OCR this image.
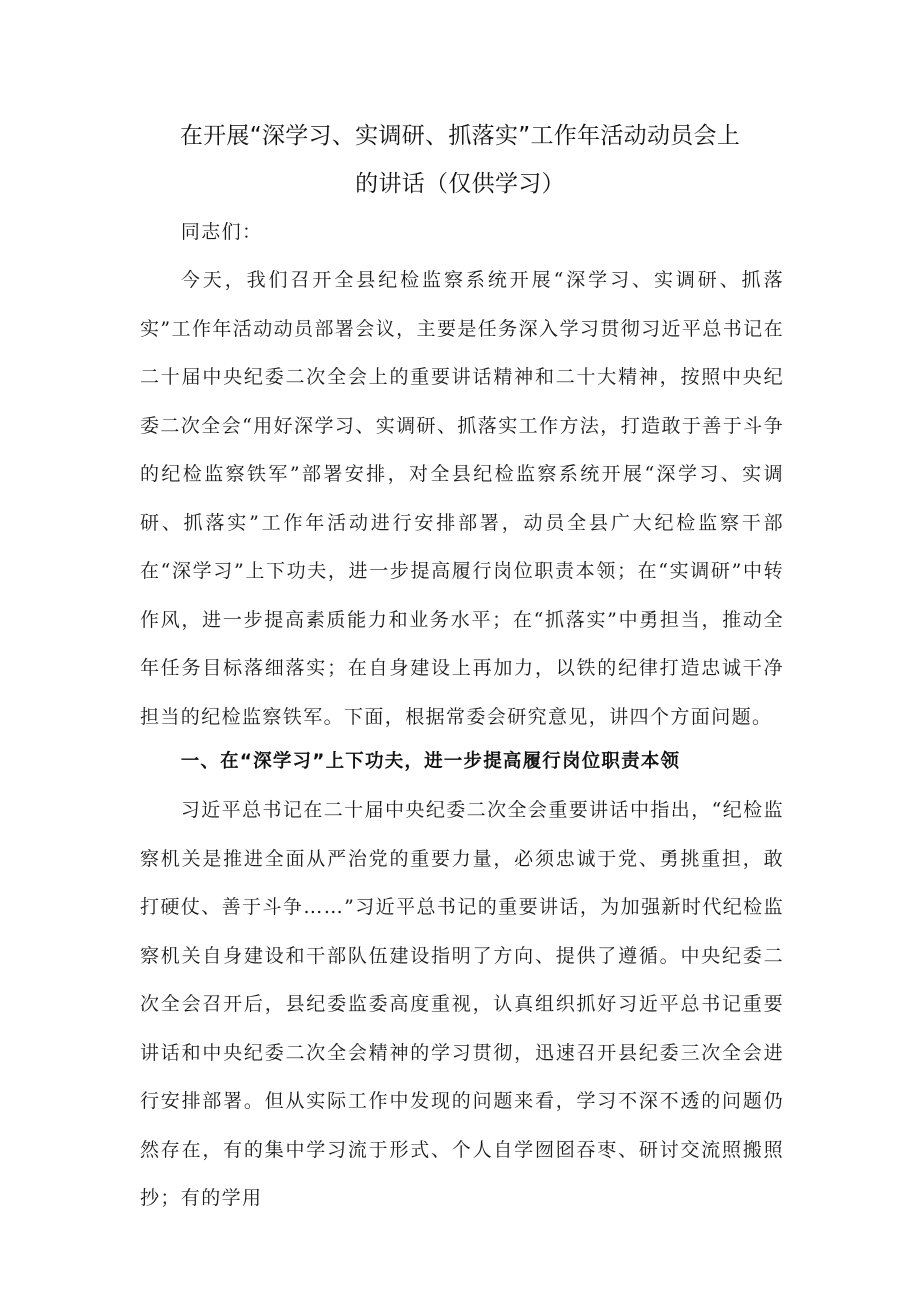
在开展“深学习、实调研、抓落实”工作年活动动员会上
的讲话（仅供学习）

同志们：

今天，我们召开全县纪检监察系统开展“深学习、实调研、抓落实”工作年活动动员部署会议，主要是任务深入学习贯彻习近平总书记在二十届中央纪委二次全会上的重要讲话精神和二十大精神，按照中央纪委二次全会“用好深学习、实调研、抓落实工作方法，打造敢于善于斗争的纪检监察铁军”部署安排，对全县纪检监察系统开展“深学习、实调研、抓落实”工作年活动进行安排部署，动员全县广大纪检监察干部在“深学习”上下功夫，进一步提高履行岗位职责本领；在“实调研”中转作风，进一步提高素质能力和业务水平；在“抓落实”中勇担当，推动全年任务目标落细落实；在自身建设上再加力，以铁的纪律打造忠诚干净担当的纪检监察铁军。下面，根据常委会研究意见，讲四个方面问题。

一、在“深学习”上下功夫，进一步提高履行岗位职责本领

习近平总书记在二十届中央纪委二次全会重要讲话中指出，“纪检监察机关是推进全面从严治党的重要力量，必须忠诚于党、勇挑重担，敢打硬仗、善于斗争……”习近平总书记的重要讲话，为加强新时代纪检监察机关自身建设和干部队伍建设指明了方向、提供了遵循。中央纪委二次全会召开后，县纪委监委高度重视，认真组织抓好习近平总书记重要讲话和中央纪委二次全会精神的学习贯彻，迅速召开县纪委三次全会进行安排部署。但从实际工作中发现的问题来看，学习不深不透的问题仍然存在，有的集中学习流于形式、个人自学囫囵吞枣、研讨交流照搬照抄；有的学用
